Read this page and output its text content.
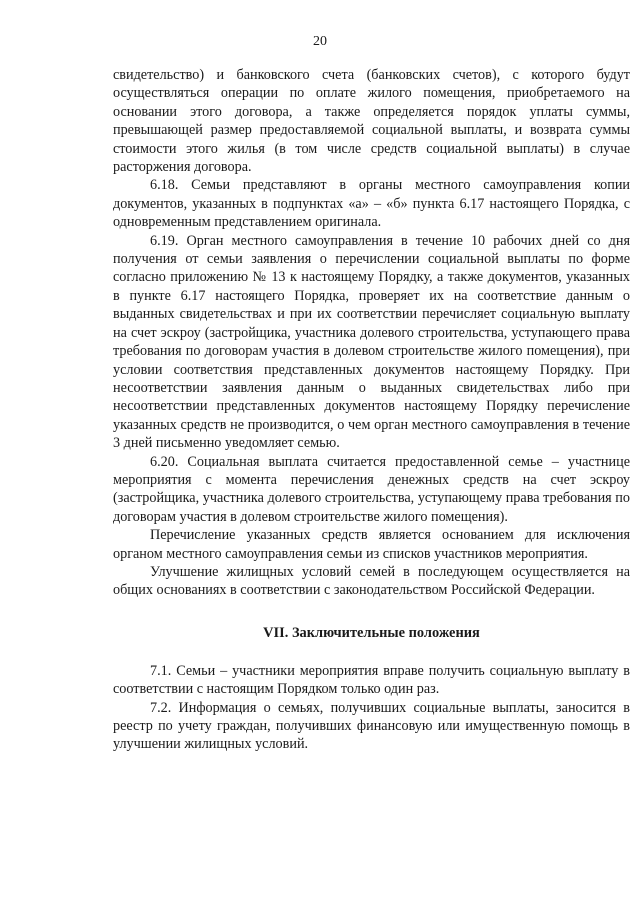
20

свидетельство) и банковского счета (банковских счетов), с которого будут осуществляться операции по оплате жилого помещения, приобретаемого на основании этого договора, а также определяется порядок уплаты суммы, превышающей размер предоставляемой социальной выплаты, и возврата суммы стоимости этого жилья (в том числе средств социальной выплаты) в случае расторжения договора.

6.18. Семьи представляют в органы местного самоуправления копии документов, указанных в подпунктах «а» – «б» пункта 6.17 настоящего Порядка, с одновременным представлением оригинала.

6.19. Орган местного самоуправления в течение 10 рабочих дней со дня получения от семьи заявления о перечислении социальной выплаты по форме согласно приложению № 13 к настоящему Порядку, а также документов, указанных в пункте 6.17 настоящего Порядка, проверяет их на соответствие данным о выданных свидетельствах и при их соответствии перечисляет социальную выплату на счет эскроу (застройщика, участника долевого строительства, уступающего права требования по договорам участия в долевом строительстве жилого помещения), при условии соответствия представленных документов настоящему Порядку. При несоответствии заявления данным о выданных свидетельствах либо при несоответствии представленных документов настоящему Порядку перечисление указанных средств не производится, о чем орган местного самоуправления в течение 3 дней письменно уведомляет семью.

6.20. Социальная выплата считается предоставленной семье – участнице мероприятия с момента перечисления денежных средств на счет эскроу (застройщика, участника долевого строительства, уступающему права требования по договорам участия в долевом строительстве жилого помещения).

Перечисление указанных средств является основанием для исключения органом местного самоуправления семьи из списков участников мероприятия.

Улучшение жилищных условий семей в последующем осуществляется на общих основаниях в соответствии с законодательством Российской Федерации.

VII. Заключительные положения

7.1. Семьи – участники мероприятия вправе получить социальную выплату в соответствии с настоящим Порядком только один раз.

7.2. Информация о семьях, получивших социальные выплаты, заносится в реестр по учету граждан, получивших финансовую или имущественную помощь в улучшении жилищных условий.
